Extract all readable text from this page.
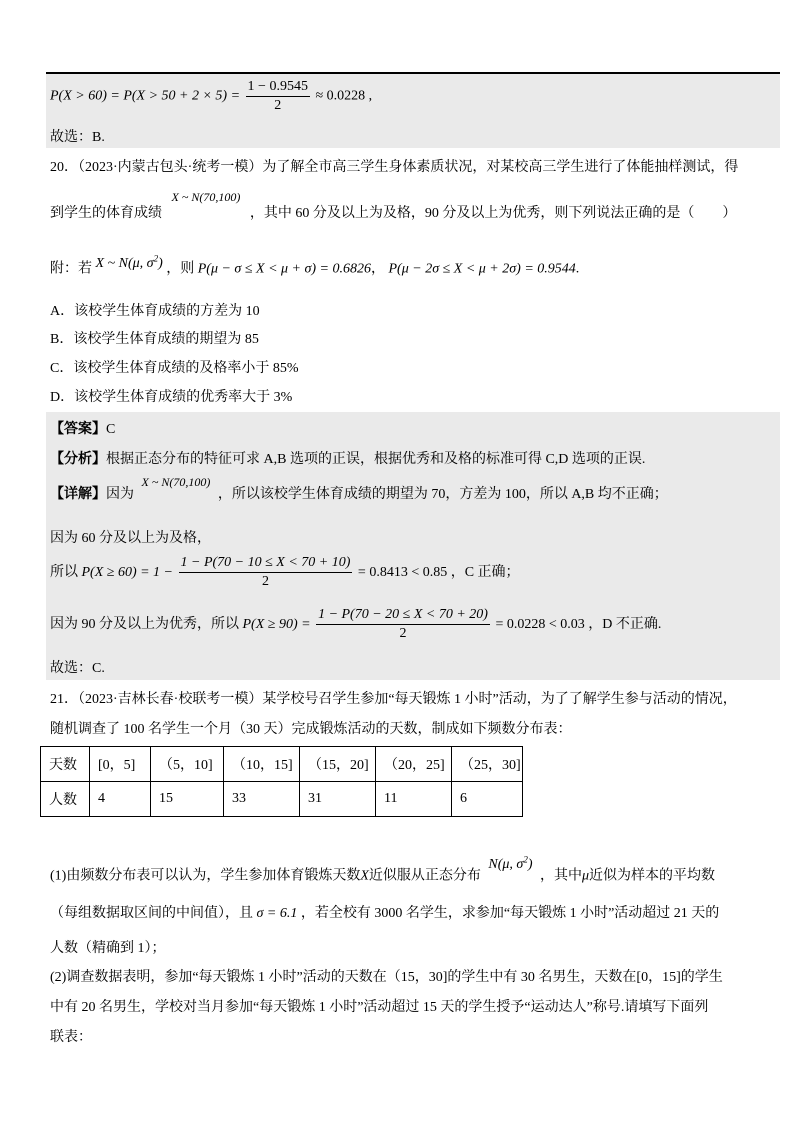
$P(X > 60) = P(X > 50 + 2 \times 5) = \frac{1 - 0.9545}{2} \approx 0.0228$ ,
故选：B.
20．（2023·内蒙古包头·统考一模）为了解全市高三学生身体素质状况，对某校高三学生进行了体能抽样测试，得
到学生的体育成绩 X ~ N(70,100) ，其中 60 分及以上为及格，90 分及以上为优秀，则下列说法正确的是（　　）
附：若 X ~ N(μ, $\sigma^2$) ，则 P(μ − σ ≤ X < μ + σ) = 0.6826， P(μ − 2σ ≤ X < μ + 2σ) = 0.9544.
A．该校学生体育成绩的方差为 10
B．该校学生体育成绩的期望为 85
C．该校学生体育成绩的及格率小于 85%
D．该校学生体育成绩的优秀率大于 3%
【答案】C
【分析】根据正态分布的特征可求 A,B 选项的正误，根据优秀和及格的标准可得 C,D 选项的正误.
【详解】因为 X ~ N(70,100) ，所以该校学生体育成绩的期望为 70，方差为 100，所以 A,B 均不正确；
因为 60 分及以上为及格，
所以 $P(X \ge 60) = 1 - \frac{1 - P(70 - 10 \le X < 70 + 10)}{2} = 0.8413 < 0.85$ ，C 正确；
因为 90 分及以上为优秀，所以 $P(X \ge 90) = \frac{1 - P(70 - 20 \le X < 70 + 20)}{2} = 0.0228 < 0.03$ ，D 不正确.
故选：C.
21．（2023·吉林长春·校联考一模）某学校号召学生参加“每天锻炼 1 小时”活动，为了了解学生参与活动的情况，
随机调查了 100 名学生一个月（30 天）完成锻炼活动的天数，制成如下频数分布表：
天数	[0，5]	（5，10]	（10，15]	（15，20]	（20，25]	（25，30]
人数	4	15	33	31	11	6
(1)由频数分布表可以认为，学生参加体育锻炼天数X近似服从正态分布 N(μ, $\sigma^2$) ，其中μ近似为样本的平均数
（每组数据取区间的中间值），且 σ = 6.1 ，若全校有 3000 名学生，求参加“每天锻炼 1 小时”活动超过 21 天的
人数（精确到 1）；
(2)调查数据表明，参加“每天锻炼 1 小时”活动的天数在（15，30]的学生中有 30 名男生，天数在[0，15]的学生
中有 20 名男生，学校对当月参加“每天锻炼 1 小时”活动超过 15 天的学生授予“运动达人”称号.请填写下面列
联表：
